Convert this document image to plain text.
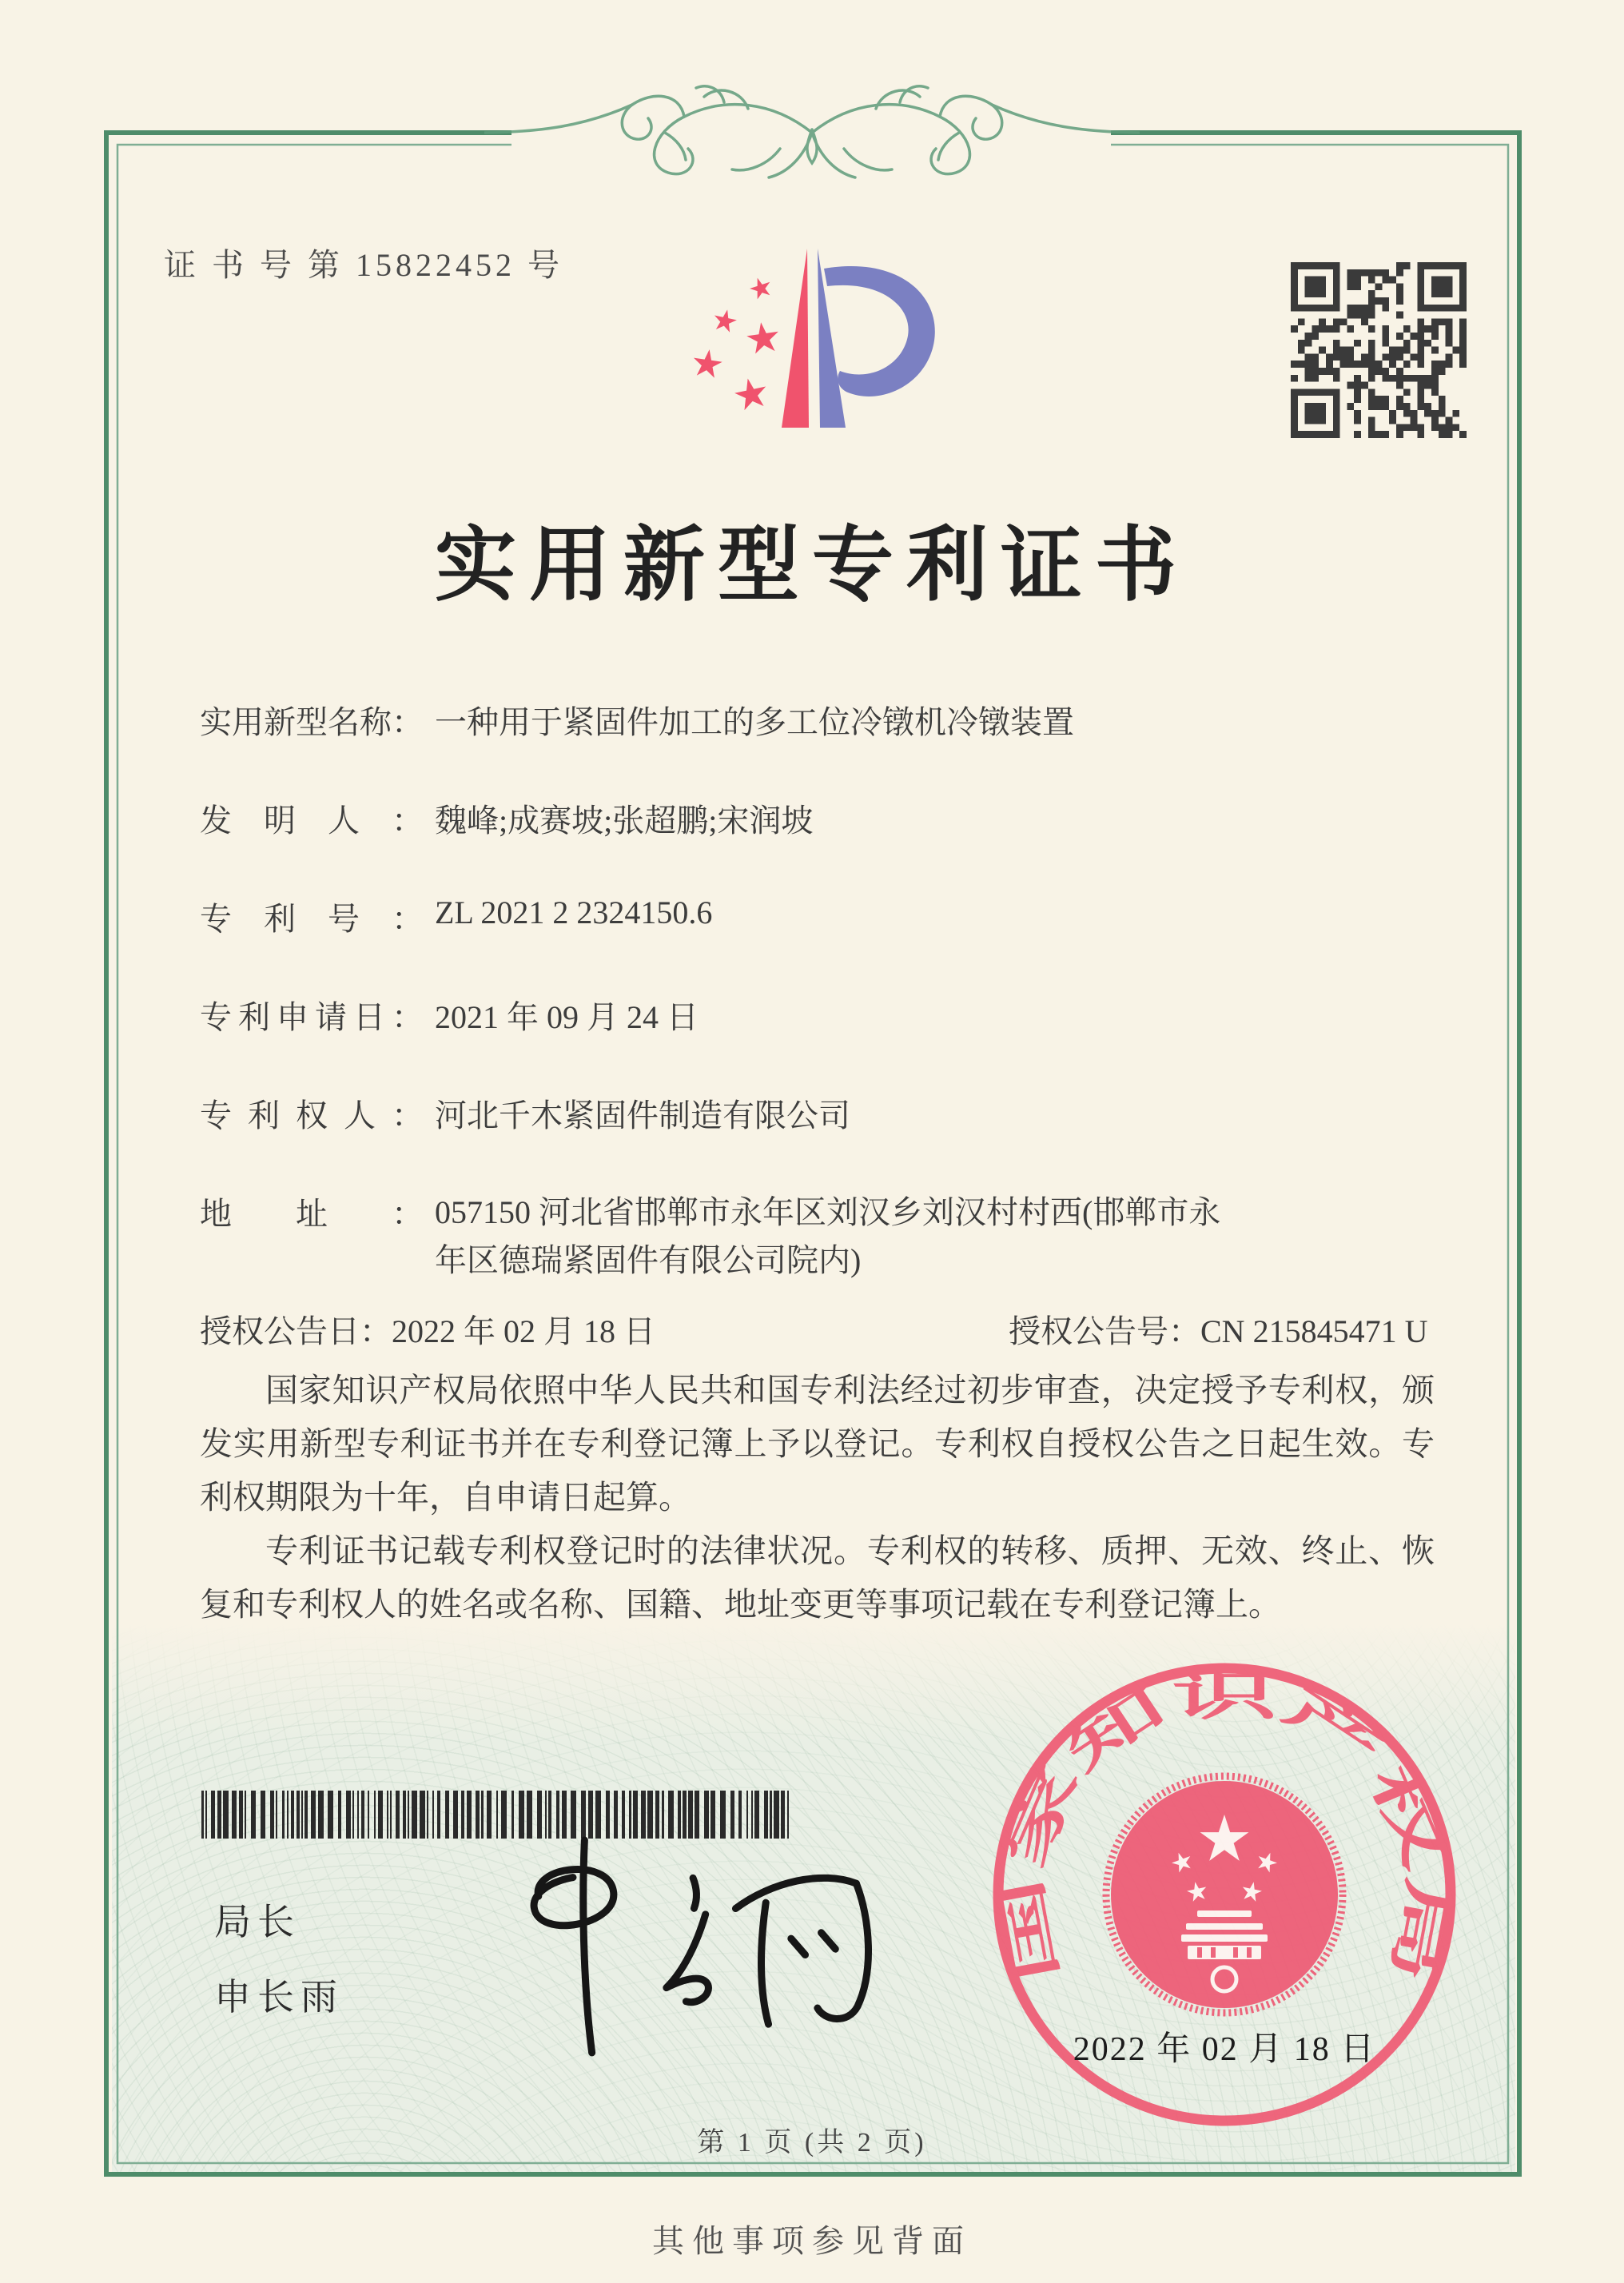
证 书 号 第 15822452 号
实用新型专利证书
实用新型名称： 一种用于紧固件加工的多工位冷镦机冷镦装置
发明人： 魏峰;成赛坡;张超鹏;宋润坡
专利号： ZL 2021 2 2324150.6
专利申请日： 2021 年 09 月 24 日
专利权人： 河北千木紧固件制造有限公司
地址： 057150 河北省邯郸市永年区刘汉乡刘汉村村西(邯郸市永
年区德瑞紧固件有限公司院内)
授权公告日：2022 年 02 月 18 日	授权公告号：CN 215845471 U

国家知识产权局依照中华人民共和国专利法经过初步审查，决定授予专利权，颁发实用新型专利证书并在专利登记簿上予以登记。专利权自授权公告之日起生效。专利权期限为十年，自申请日起算。

专利证书记载专利权登记时的法律状况。专利权的转移、质押、无效、终止、恢复和专利权人的姓名或名称、国籍、地址变更等事项记载在专利登记簿上。

局长
申长雨
国家知识产权局
2022 年 02 月 18 日
第 1 页 (共 2 页)
其他事项参见背面
